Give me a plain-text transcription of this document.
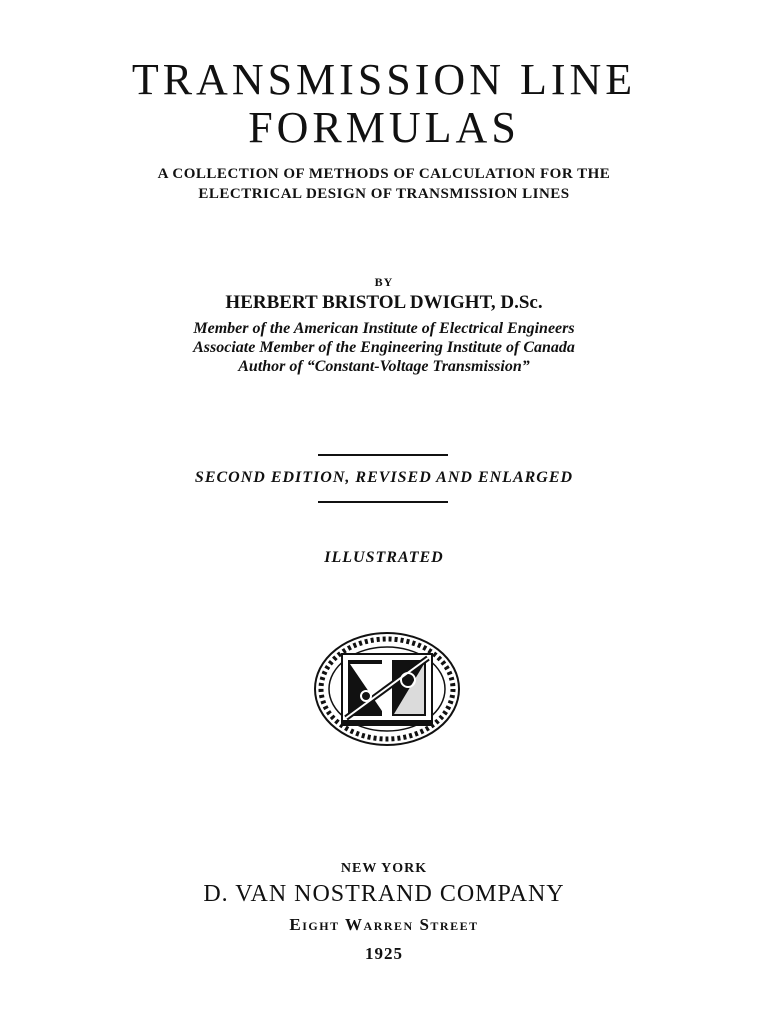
TRANSMISSION LINE
FORMULAS
A COLLECTION OF METHODS OF CALCULATION FOR THE
ELECTRICAL DESIGN OF TRANSMISSION LINES
BY
HERBERT BRISTOL DWIGHT, D.Sc.
Member of the American Institute of Electrical Engineers
Associate Member of the Engineering Institute of Canada
Author of “Constant-Voltage Transmission”
SECOND EDITION, REVISED AND ENLARGED
ILLUSTRATED
NEW YORK
D. VAN NOSTRAND COMPANY
Eight Warren Street
1925
